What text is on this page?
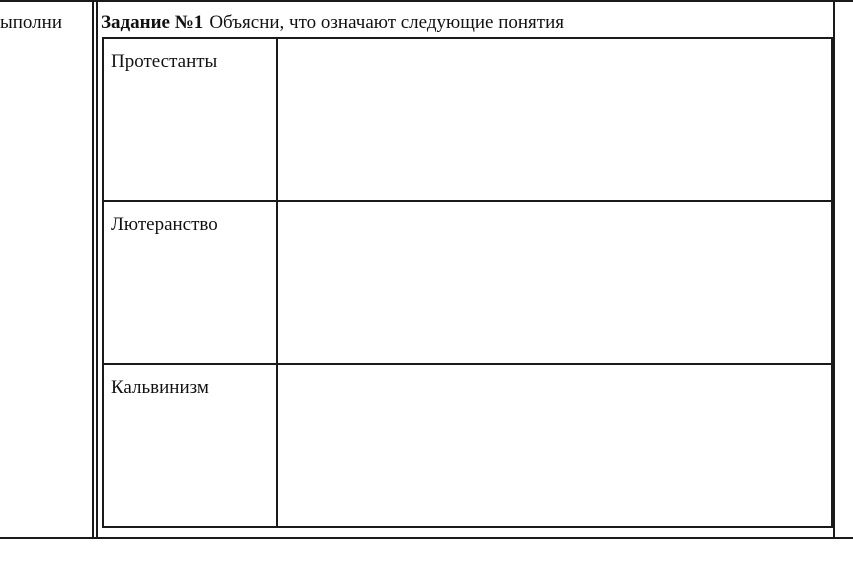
ыполни Задание №1 Объясни, что означают следующие понятия
Протестанты	
Лютеранство	
Кальвинизм	
